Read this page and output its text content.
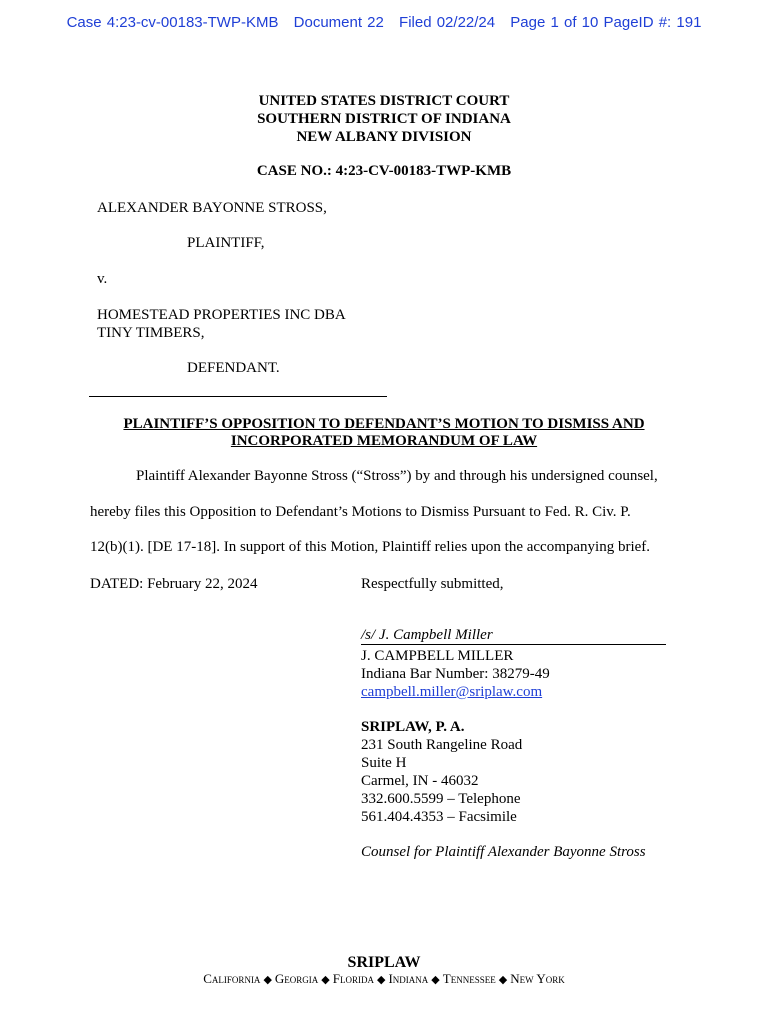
Case 4:23-cv-00183-TWP-KMB Document 22 Filed 02/22/24 Page 1 of 10 PageID #: 191
UNITED STATES DISTRICT COURT
SOUTHERN DISTRICT OF INDIANA
NEW ALBANY DIVISION
CASE NO.: 4:23-CV-00183-TWP-KMB
ALEXANDER BAYONNE STROSS,
PLAINTIFF,
v.
HOMESTEAD PROPERTIES INC DBA
TINY TIMBERS,
DEFENDANT.
PLAINTIFF’S OPPOSITION TO DEFENDANT’S MOTION TO DISMISS AND
INCORPORATED MEMORANDUM OF LAW
Plaintiff Alexander Bayonne Stross (“Stross”) by and through his undersigned counsel,
hereby files this Opposition to Defendant’s Motions to Dismiss Pursuant to Fed. R. Civ. P.
12(b)(1). [DE 17-18]. In support of this Motion, Plaintiff relies upon the accompanying brief.
DATED: February 22, 2024	Respectfully submitted,
/s/ J. Campbell Miller
J. CAMPBELL MILLER
Indiana Bar Number: 38279-49
campbell.miller@sriplaw.com
SRIPLAW, P. A.
231 South Rangeline Road
Suite H
Carmel, IN - 46032
332.600.5599 – Telephone
561.404.4353 – Facsimile
Counsel for Plaintiff Alexander Bayonne Stross
SRIPLAW
California ◆ Georgia ◆ Florida ◆ Indiana ◆ Tennessee ◆ New York
